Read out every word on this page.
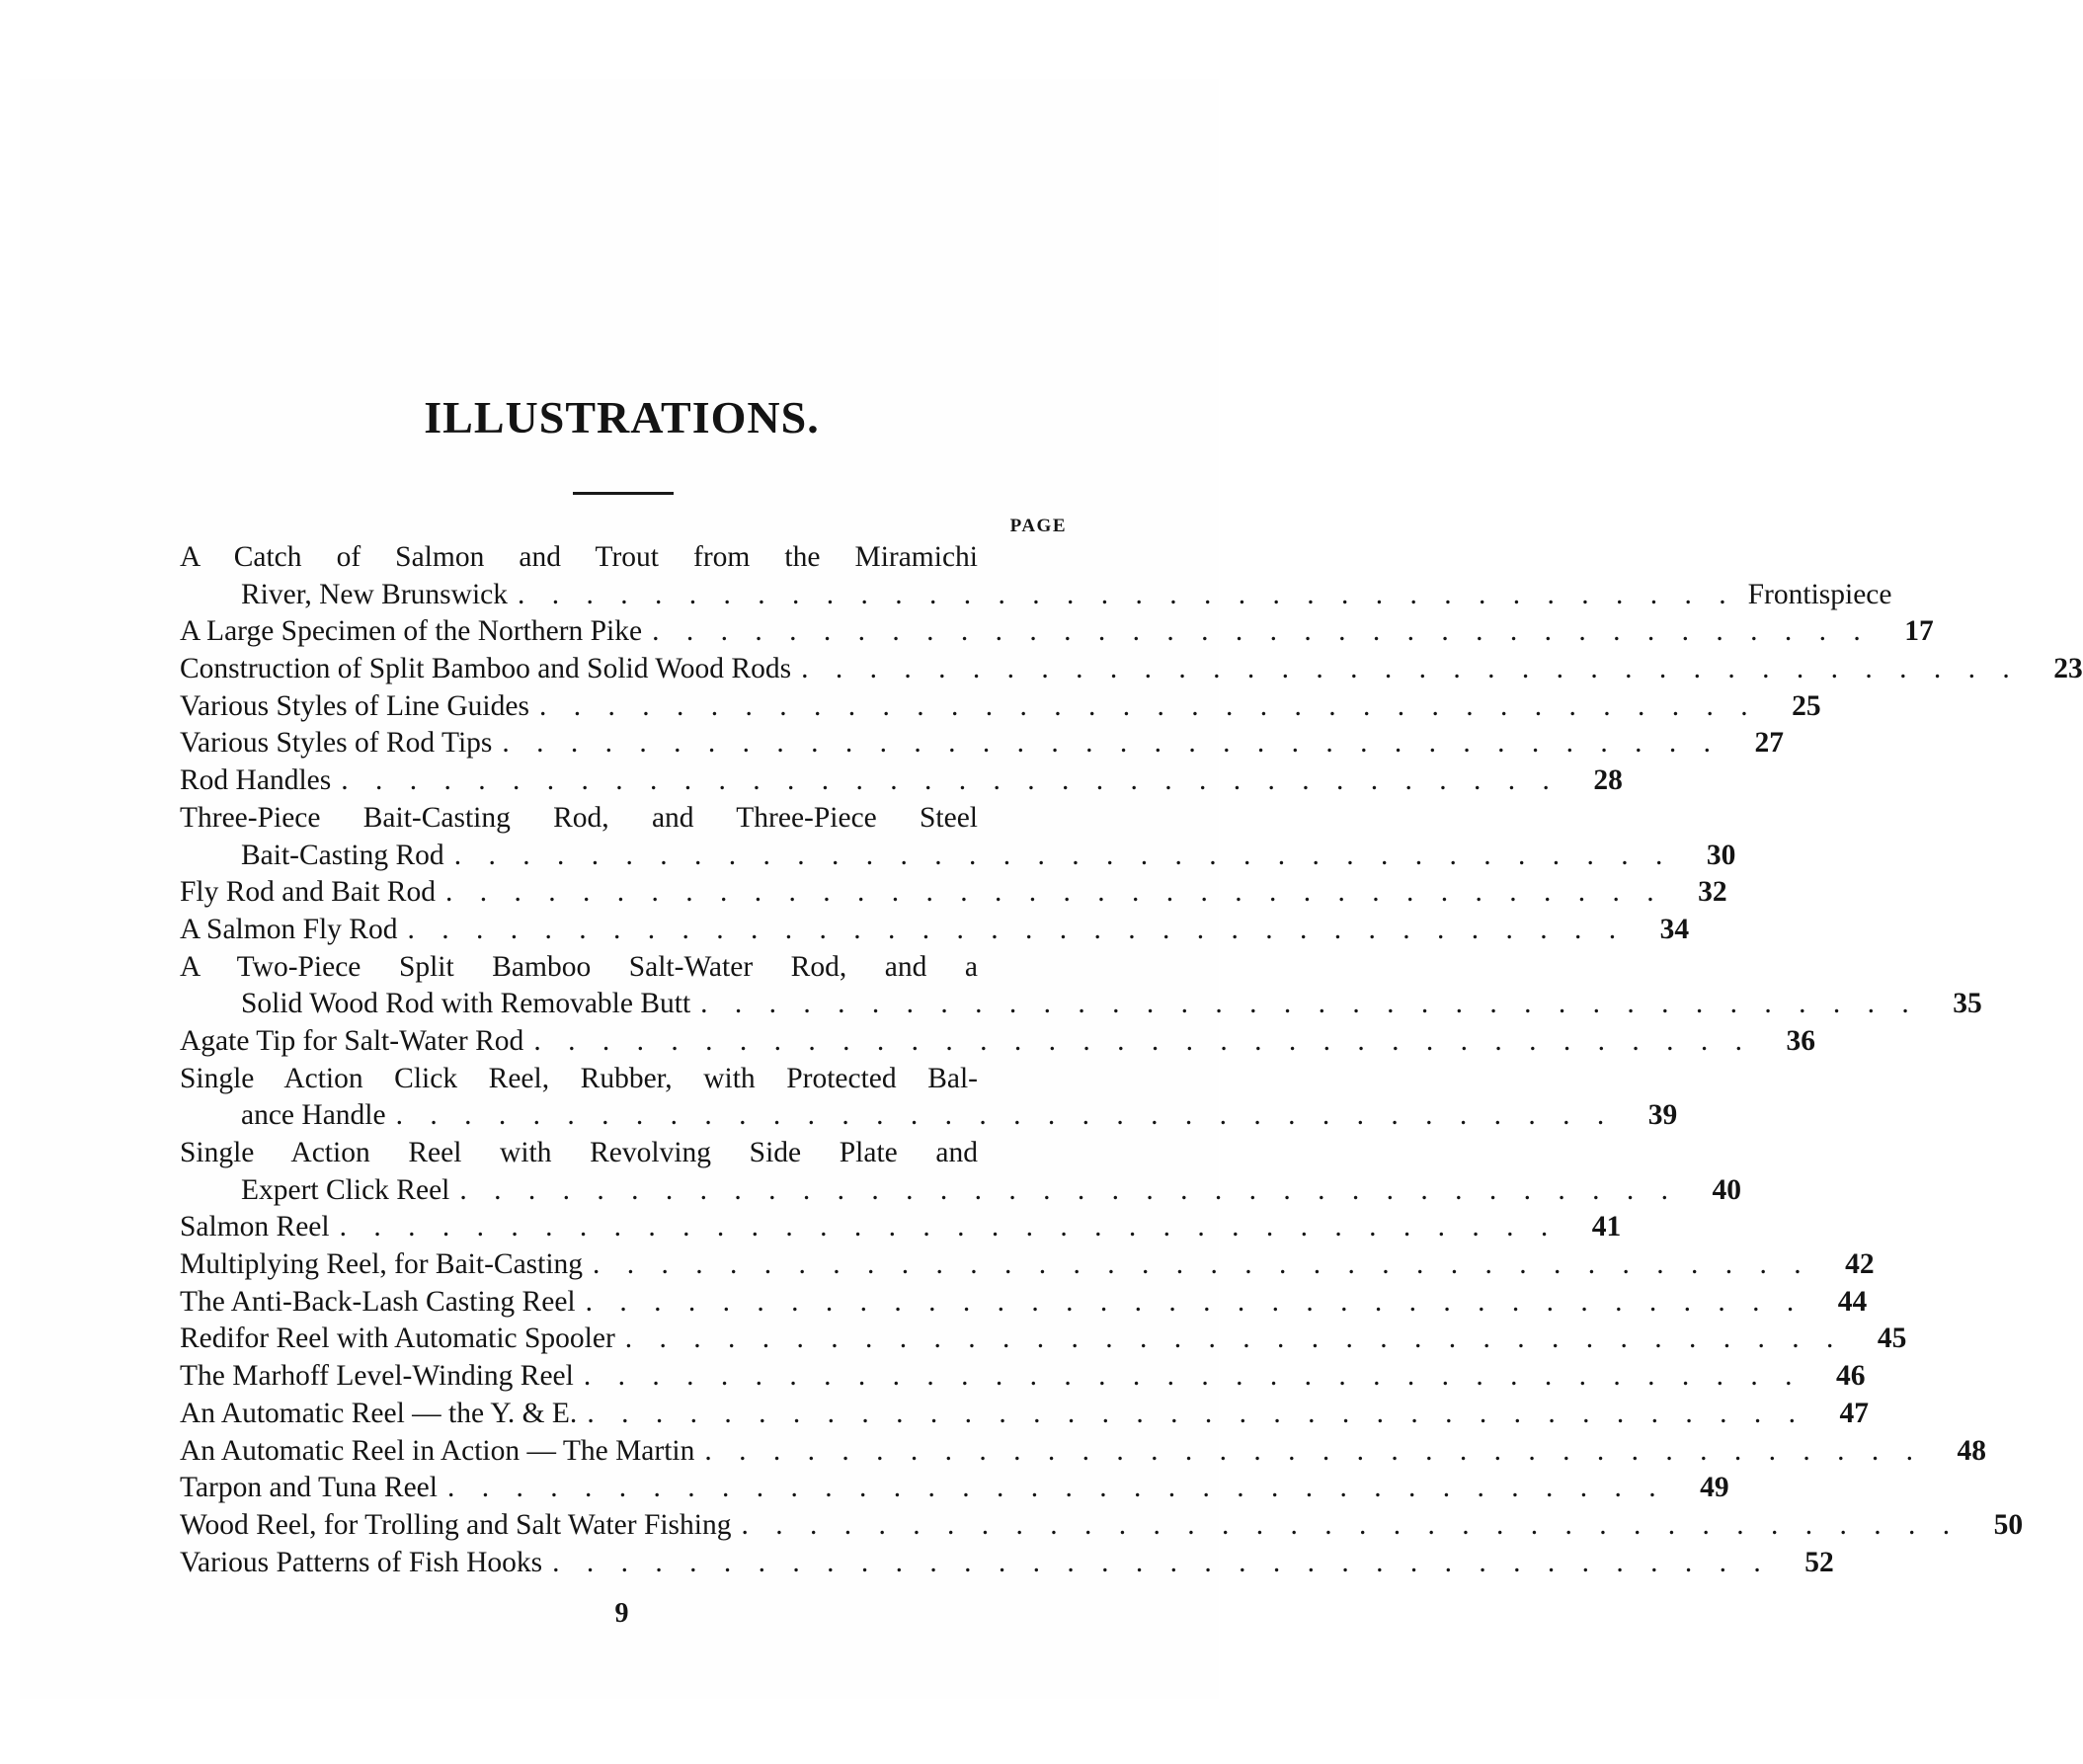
ILLUSTRATIONS.
PAGE
A Catch of Salmon and Trout from the Miramichi
River, New Brunswick . . . . . . . . . . . . . . . . . . . . . . . . . . . . . . . . . . . . Frontispiece
A Large Specimen of the Northern Pike . . . . . . . . . . . . . . . . . . . . . . . . . . . . . . . . . . . .	17
Construction of Split Bamboo and Solid Wood Rods . . . . . . . . . . . . . . . . . . . . . . . . . . . . . . . . . . . .	23
Various Styles of Line Guides . . . . . . . . . . . . . . . . . . . . . . . . . . . . . . . . . . . .	25
Various Styles of Rod Tips . . . . . . . . . . . . . . . . . . . . . . . . . . . . . . . . . . . .	27
Rod Handles . . . . . . . . . . . . . . . . . . . . . . . . . . . . . . . . . . . .	28
Three-Piece Bait-Casting Rod, and Three-Piece Steel
Bait-Casting Rod . . . . . . . . . . . . . . . . . . . . . . . . . . . . . . . . . . . .	30
Fly Rod and Bait Rod . . . . . . . . . . . . . . . . . . . . . . . . . . . . . . . . . . . .	32
A Salmon Fly Rod . . . . . . . . . . . . . . . . . . . . . . . . . . . . . . . . . . . .	34
A Two-Piece Split Bamboo Salt-Water Rod, and a
Solid Wood Rod with Removable Butt . . . . . . . . . . . . . . . . . . . . . . . . . . . . . . . . . . . .	35
Agate Tip for Salt-Water Rod . . . . . . . . . . . . . . . . . . . . . . . . . . . . . . . . . . . .	36
Single Action Click Reel, Rubber, with Protected Bal-
ance Handle . . . . . . . . . . . . . . . . . . . . . . . . . . . . . . . . . . . .	39
Single Action Reel with Revolving Side Plate and
Expert Click Reel . . . . . . . . . . . . . . . . . . . . . . . . . . . . . . . . . . . .	40
Salmon Reel . . . . . . . . . . . . . . . . . . . . . . . . . . . . . . . . . . . .	41
Multiplying Reel, for Bait-Casting . . . . . . . . . . . . . . . . . . . . . . . . . . . . . . . . . . . .	42
The Anti-Back-Lash Casting Reel . . . . . . . . . . . . . . . . . . . . . . . . . . . . . . . . . . . .	44
Redifor Reel with Automatic Spooler . . . . . . . . . . . . . . . . . . . . . . . . . . . . . . . . . . . .	45
The Marhoff Level-Winding Reel . . . . . . . . . . . . . . . . . . . . . . . . . . . . . . . . . . . .	46
An Automatic Reel — the Y. & E. . . . . . . . . . . . . . . . . . . . . . . . . . . . . . . . . . . . .	47
An Automatic Reel in Action — The Martin . . . . . . . . . . . . . . . . . . . . . . . . . . . . . . . . . . . .	48
Tarpon and Tuna Reel . . . . . . . . . . . . . . . . . . . . . . . . . . . . . . . . . . . .	49
Wood Reel, for Trolling and Salt Water Fishing . . . . . . . . . . . . . . . . . . . . . . . . . . . . . . . . . . . .	50
Various Patterns of Fish Hooks . . . . . . . . . . . . . . . . . . . . . . . . . . . . . . . . . . . .	52
9
